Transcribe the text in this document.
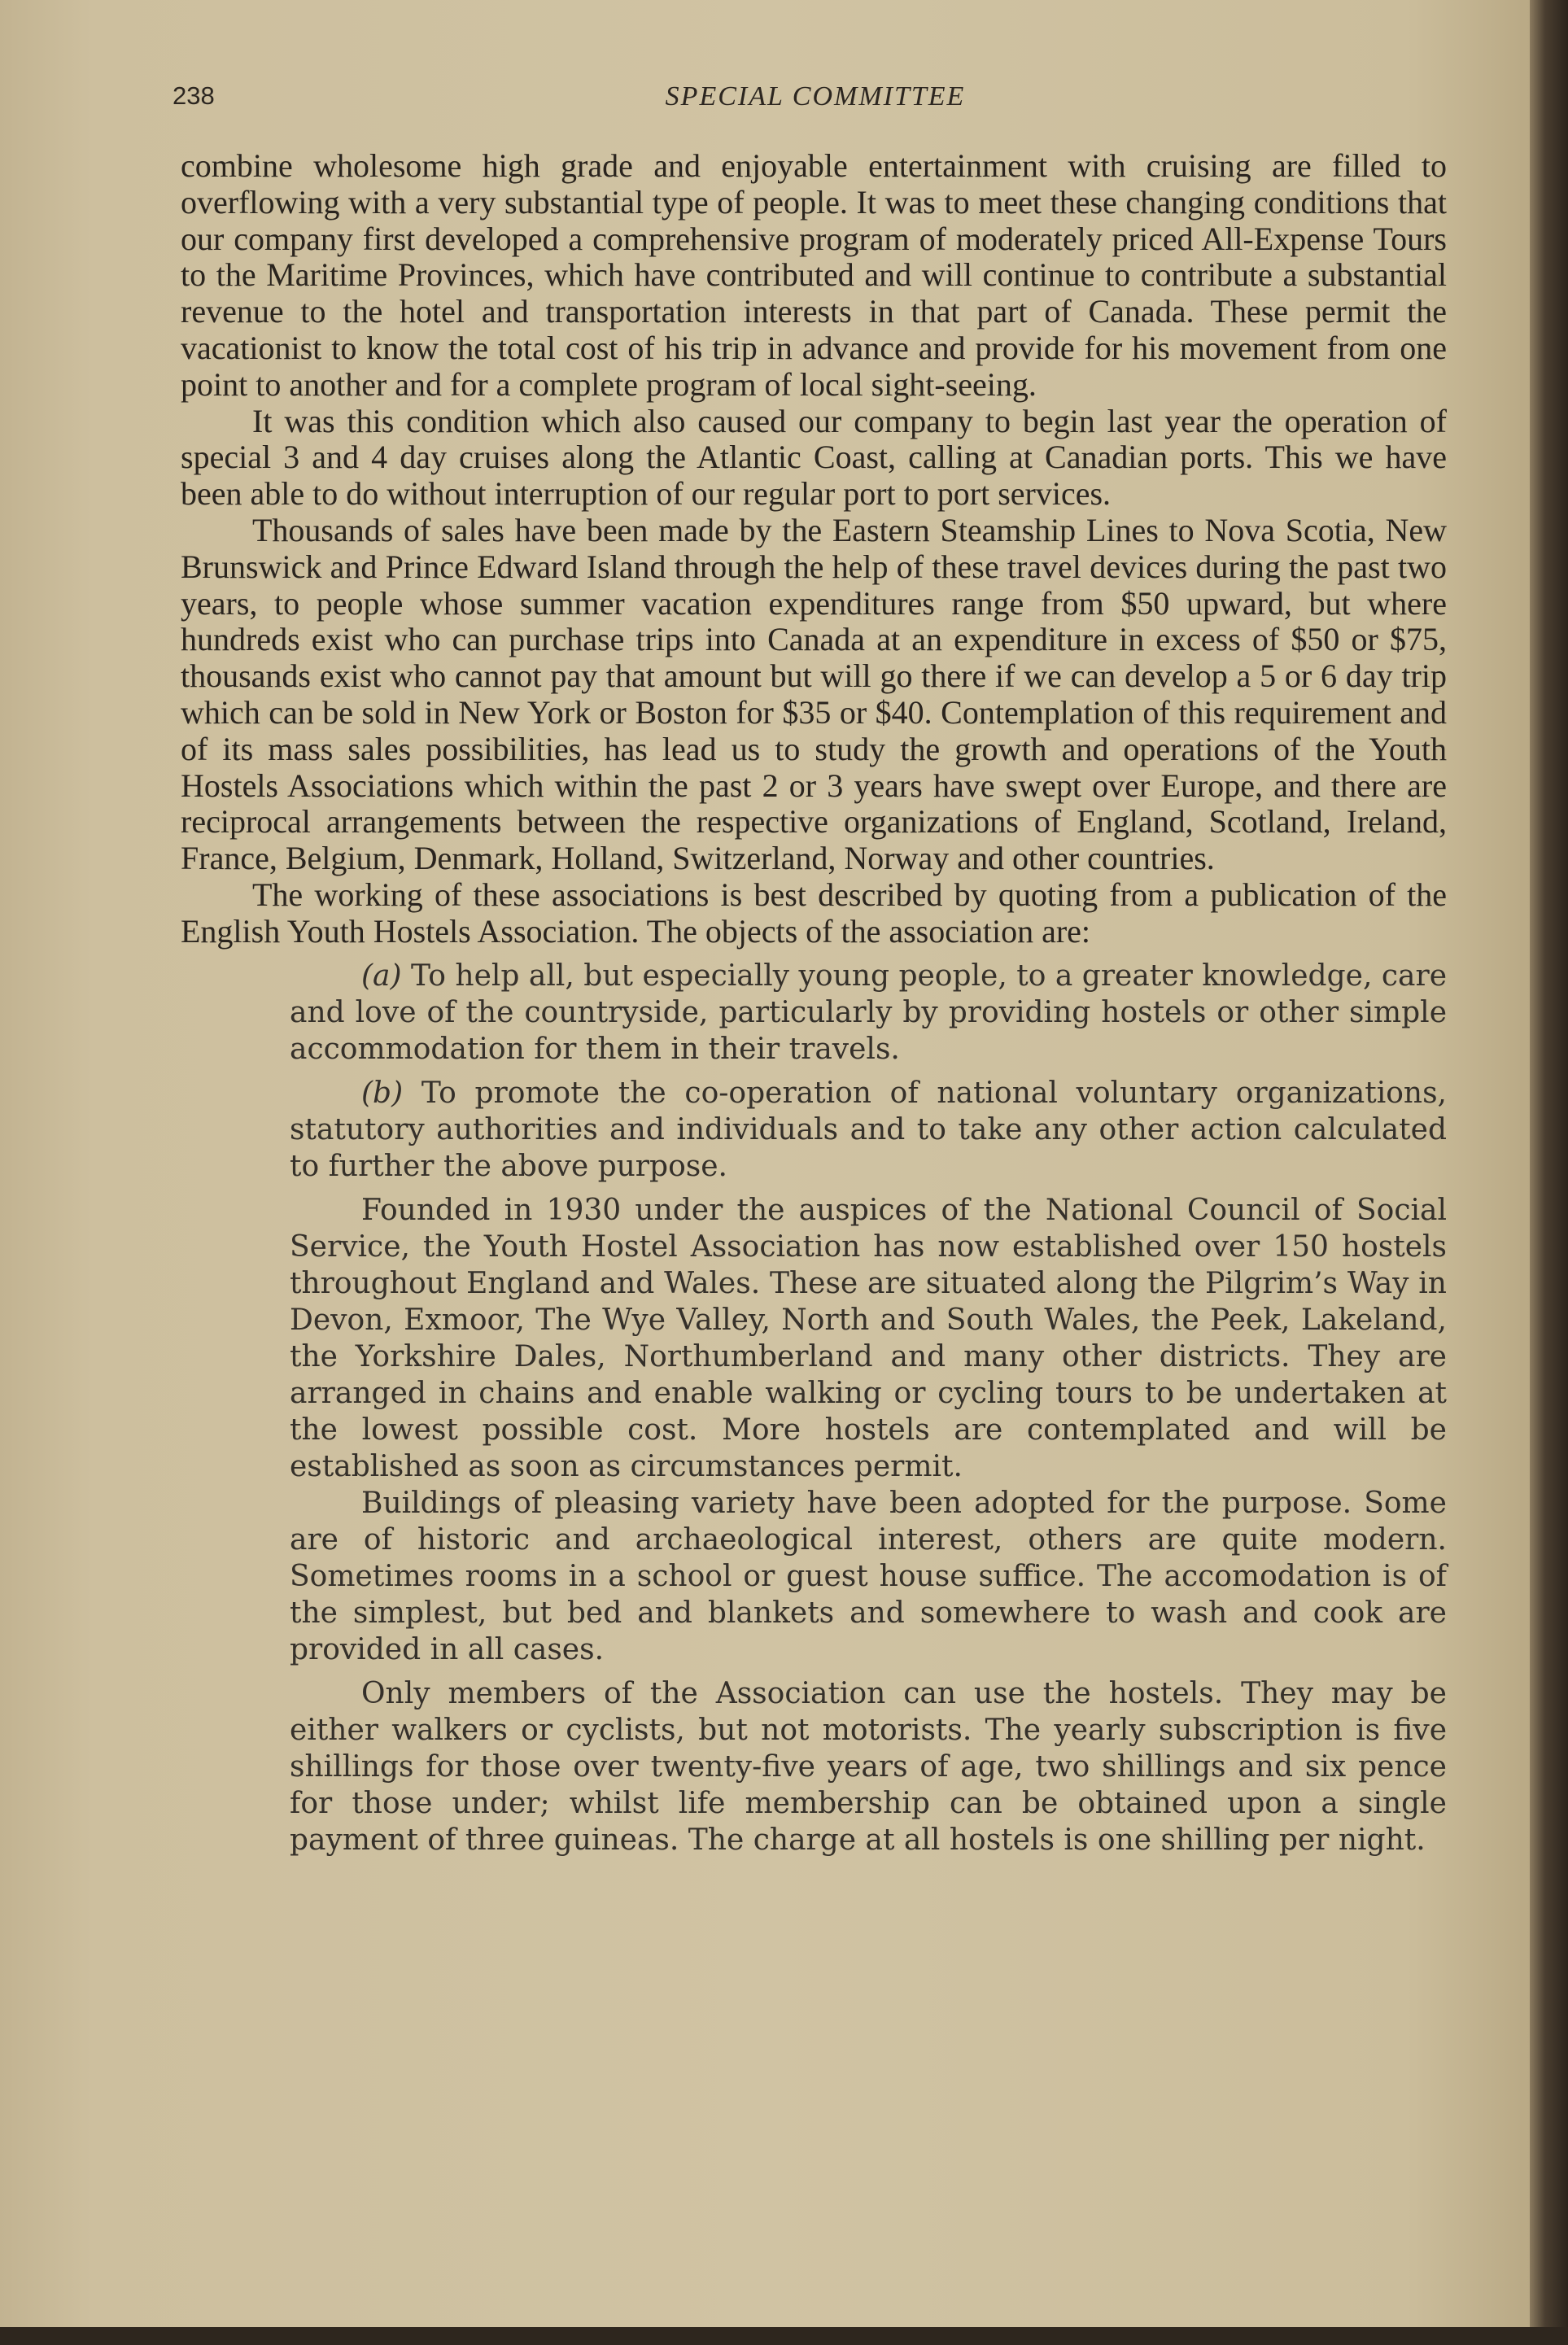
238	SPECIAL COMMITTEE

combine wholesome high grade and enjoyable entertainment with cruising are filled to overflowing with a very substantial type of people. It was to meet these changing conditions that our company first developed a comprehensive program of moderately priced All-Expense Tours to the Maritime Provinces, which have contributed and will continue to contribute a substantial revenue to the hotel and transportation interests in that part of Canada. These permit the vacationist to know the total cost of his trip in advance and provide for his movement from one point to another and for a complete program of local sight-seeing.

It was this condition which also caused our company to begin last year the operation of special 3 and 4 day cruises along the Atlantic Coast, calling at Canadian ports. This we have been able to do without interruption of our regular port to port services.

Thousands of sales have been made by the Eastern Steamship Lines to Nova Scotia, New Brunswick and Prince Edward Island through the help of these travel devices during the past two years, to people whose summer vacation expenditures range from $50 upward, but where hundreds exist who can purchase trips into Canada at an expenditure in excess of $50 or $75, thousands exist who cannot pay that amount but will go there if we can develop a 5 or 6 day trip which can be sold in New York or Boston for $35 or $40. Contemplation of this requirement and of its mass sales possibilities, has lead us to study the growth and operations of the Youth Hostels Associations which within the past 2 or 3 years have swept over Europe, and there are reciprocal arrangements between the respective organizations of England, Scotland, Ireland, France, Belgium, Denmark, Holland, Switzerland, Norway and other countries.

The working of these associations is best described by quoting from a publication of the English Youth Hostels Association. The objects of the association are:

(a) To help all, but especially young people, to a greater knowledge, care and love of the countryside, particularly by providing hostels or other simple accommodation for them in their travels.

(b) To promote the co-operation of national voluntary organizations, statutory authorities and individuals and to take any other action calculated to further the above purpose.

Founded in 1930 under the auspices of the National Council of Social Service, the Youth Hostel Association has now established over 150 hostels throughout England and Wales. These are situated along the Pilgrim’s Way in Devon, Exmoor, The Wye Valley, North and South Wales, the Peek, Lakeland, the Yorkshire Dales, Northumberland and many other districts. They are arranged in chains and enable walking or cycling tours to be undertaken at the lowest possible cost. More hostels are contemplated and will be established as soon as circumstances permit.

Buildings of pleasing variety have been adopted for the purpose. Some are of historic and archaeological interest, others are quite modern. Sometimes rooms in a school or guest house suffice. The accomodation is of the simplest, but bed and blankets and somewhere to wash and cook are provided in all cases.

Only members of the Association can use the hostels. They may be either walkers or cyclists, but not motorists. The yearly subscription is five shillings for those over twenty-five years of age, two shillings and six pence for those under; whilst life membership can be obtained upon a single payment of three guineas. The charge at all hostels is one shilling per night.
